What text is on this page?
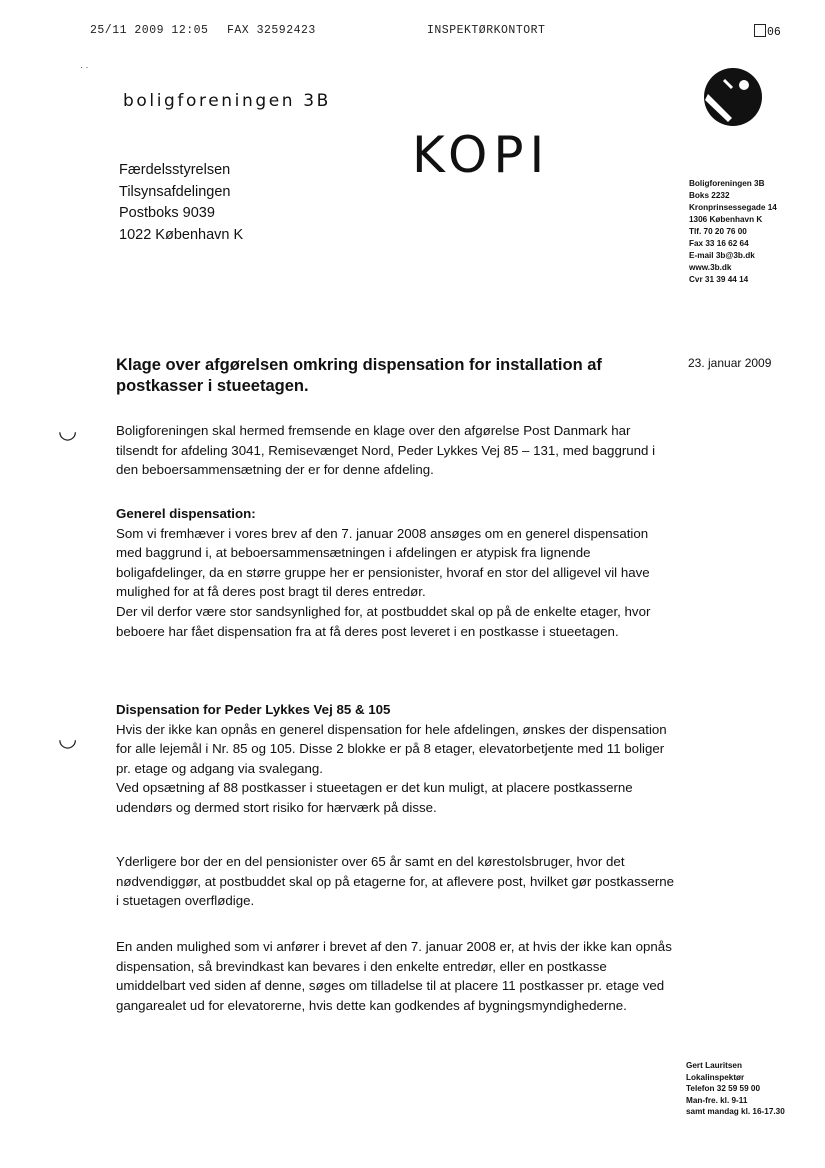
25/11 2009 12:05 FAX 32592423	INSPEKTØRKONTORT	06
· ·
boligforeningen 3B
KOPI
Færdelsstyrelsen
Tilsynsafdelingen
Postboks 9039
1022 København K
Boligforeningen 3B
Boks 2232
Kronprinsessegade 14
1306 København K
Tlf. 70 20 76 00
Fax 33 16 62 64
E-mail 3b@3b.dk
www.3b.dk
Cvr 31 39 44 14
23. januar 2009
Klage over afgørelsen omkring dispensation for installation af postkasser i stueetagen.
◡
◡
Boligforeningen skal hermed fremsende en klage over den afgørelse Post Danmark har tilsendt for afdeling 3041, Remisevænget Nord, Peder Lykkes Vej 85 – 131, med baggrund i den beboersammensætning der er for denne afdeling.
Generel dispensation:
Som vi fremhæver i vores brev af den 7. januar 2008 ansøges om en generel dispensation med baggrund i, at beboersammensætningen i afdelingen er atypisk fra lignende boligafdelinger, da en større gruppe her er pensionister, hvoraf en stor del alligevel vil have mulighed for at få deres post bragt til deres entredør.
Der vil derfor være stor sandsynlighed for, at postbuddet skal op på de enkelte etager, hvor beboere har fået dispensation fra at få deres post leveret i en postkasse i stueetagen.
Dispensation for Peder Lykkes Vej 85 & 105
Hvis der ikke kan opnås en generel dispensation for hele afdelingen, ønskes der dispensation for alle lejemål i Nr. 85 og 105. Disse 2 blokke er på 8 etager, elevatorbetjente med 11 boliger pr. etage og adgang via svalegang.
Ved opsætning af 88 postkasser i stueetagen er det kun muligt, at placere postkasserne udendørs og dermed stort risiko for hærværk på disse.
Yderligere bor der en del pensionister over 65 år samt en del kørestolsbruger, hvor det nødvendiggør, at postbuddet skal op på etagerne for, at aflevere post, hvilket gør postkasserne i stuetagen overflødige.
En anden mulighed som vi anfører i brevet af den 7. januar 2008 er, at hvis der ikke kan opnås dispensation, så brevindkast kan bevares i den enkelte entredør, eller en postkasse umiddelbart ved siden af denne, søges om tilladelse til at placere 11 postkasser pr. etage ved gangarealet ud for elevatorerne, hvis dette kan godkendes af bygningsmyndighederne.
Gert Lauritsen
Lokalinspektør
Telefon 32 59 59 00
Man-fre. kl. 9-11
samt mandag kl. 16-17.30
